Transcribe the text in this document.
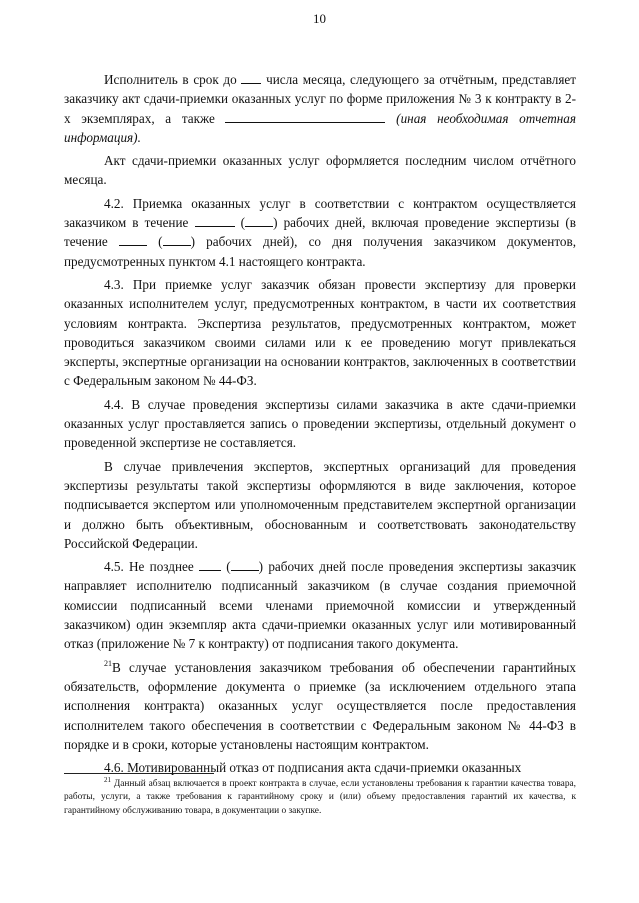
10

Исполнитель в срок до числа месяца, следующего за отчётным, представляет заказчику акт сдачи-приемки оказанных услуг по форме приложения № 3 к контракту в 2-х экземплярах, а также	(иная необходимая отчетная информация).

Акт сдачи-приемки оказанных услуг оформляется последним числом отчётного месяца.

4.2. Приемка оказанных услуг в соответствии с контрактом осуществляется заказчиком в течение	( ) рабочих дней, включая проведение экспертизы (в течение	( ) рабочих дней), со дня получения заказчиком документов, предусмотренных пунктом 4.1 настоящего контракта.

4.3. При приемке услуг заказчик обязан провести экспертизу для проверки оказанных исполнителем услуг, предусмотренных контрактом, в части их соответствия условиям контракта. Экспертиза результатов, предусмотренных контрактом, может проводиться заказчиком своими силами или к ее проведению могут привлекаться эксперты, экспертные организации на основании контрактов, заключенных в соответствии с Федеральным законом № 44-ФЗ.

4.4. В случае проведения экспертизы силами заказчика в акте сдачи-приемки оказанных услуг проставляется запись о проведении экспертизы, отдельный документ о проведенной экспертизе не составляется.

В случае привлечения экспертов, экспертных организаций для проведения экспертизы результаты такой экспертизы оформляются в виде заключения, которое подписывается экспертом или уполномоченным представителем экспертной организации и должно быть объективным, обоснованным и соответствовать законодательству Российской Федерации.

4.5. Не позднее ( ) рабочих дней после проведения экспертизы заказчик направляет исполнителю подписанный заказчиком (в случае создания приемочной комиссии подписанный всеми членами приемочной комиссии и утвержденный заказчиком) один экземпляр акта сдачи-приемки оказанных услуг или мотивированный отказ (приложение № 7 к контракту) от подписания такого документа.

$^{21}$В случае установления заказчиком требования об обеспечении гарантийных обязательств, оформление документа о приемке (за исключением отдельного этапа исполнения контракта) оказанных услуг осуществляется после предоставления исполнителем такого обеспечения в соответствии с Федеральным законом № 44-ФЗ в порядке и в сроки, которые установлены настоящим контрактом.

4.6. Мотивированный отказ от подписания акта сдачи-приемки оказанных

$^{21}$ Данный абзац включается в проект контракта в случае, если установлены требования к гарантии качества товара, работы, услуги, а также требования к гарантийному сроку и (или) объему предоставления гарантий их качества, к гарантийному обслуживанию товара, в документации о закупке.
